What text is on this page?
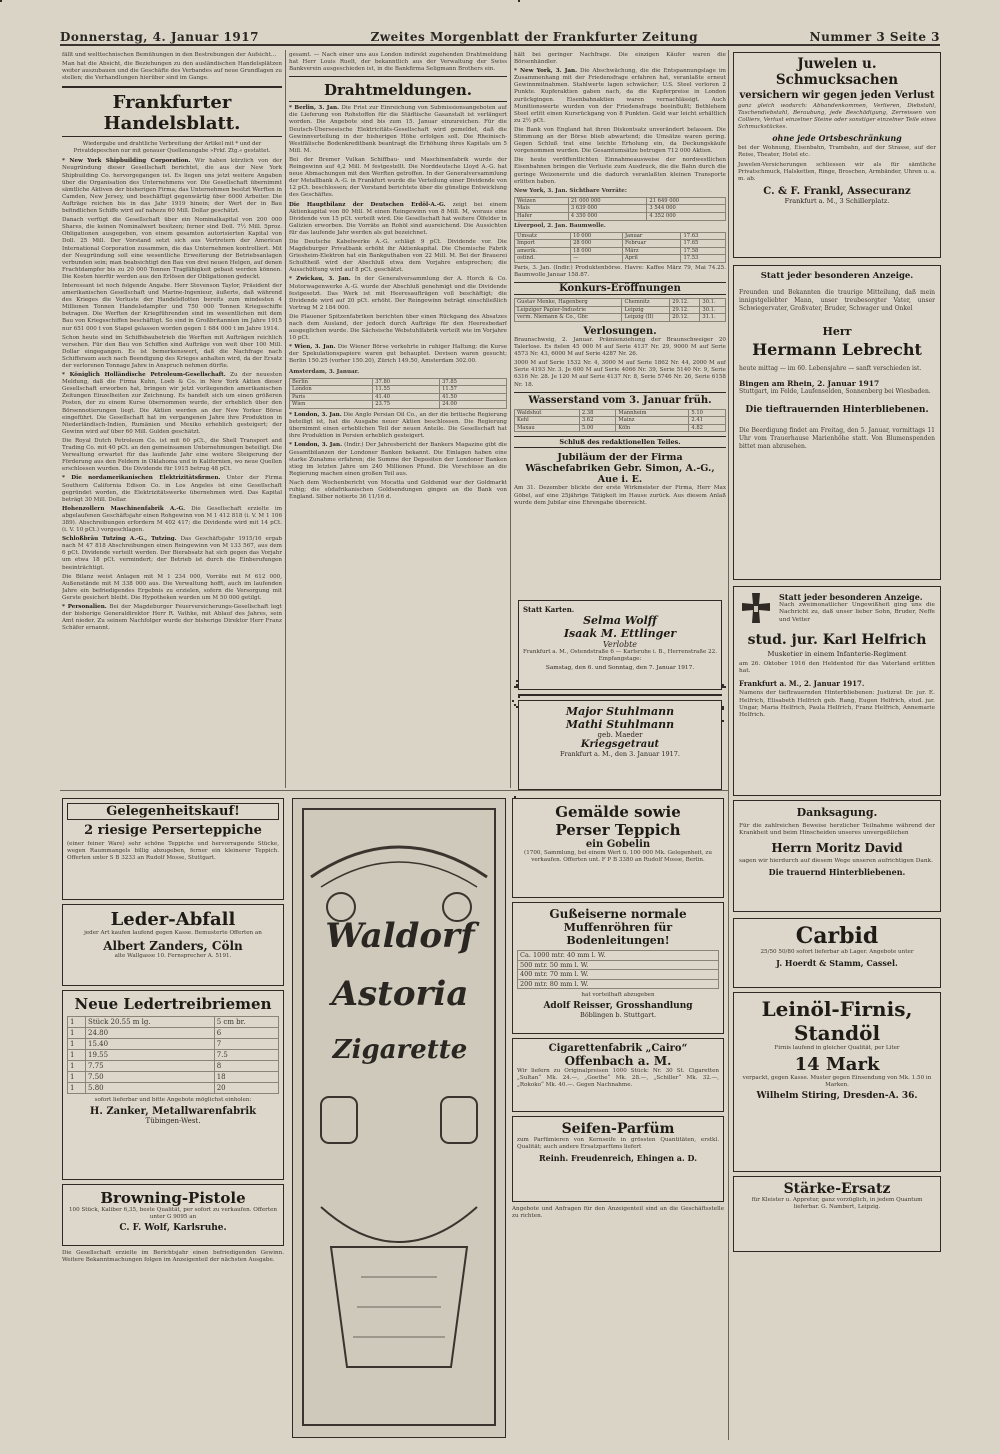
Donnerstag, 4. Januar 1917	Zweites Morgenblatt der Frankfurter Zeitung	Nummer 3 Seite 3

fällt und welttechnischen Bemühungen in den Bestrebungen der Aufsicht...

Man hat die Absicht, die Beziehungen zu den ausländischen Handelsplätzen weiter auszubauen und die Geschäfte des Verbandes auf neue Grundlagen zu stellen; die Verhandlungen hierüber sind im Gange.

Frankfurter Handelsblatt.
Wiedergabe und drahtliche Verbreitung der Artikel mit * und der Privatdepeschen nur mit genauer Quellenangabe »Frkf. Ztg.« gestattet.

* New York Shipbuilding Corporation. Wir haben kürzlich von der Neugründung dieser Gesellschaft berichtet, die aus der New York Shipbuilding Co. hervorgegangen ist. Es liegen uns jetzt weitere Angaben über die Organisation des Unternehmens vor. Die Gesellschaft übernimmt sämtliche Aktiven der bisherigen Firma; das Unternehmen besitzt Werften in Camden, New Jersey, und beschäftigt gegenwärtig über 6000 Arbeiter. Die Aufträge reichen bis in das Jahr 1919 hinein; der Wert der in Bau befindlichen Schiffe wird auf nahezu 60 Mill. Dollar geschätzt.

Danach verfügt die Gesellschaft über ein Nominalkapital von 200 000 Shares, die keinen Nominalwert besitzen; ferner sind Doll. 7½ Mill. 5proz. Obligationen ausgegeben, von einem gesamten autorisierten Kapital von Doll. 25 Mill. Der Vorstand setzt sich aus Vertretern der American International Corporation zusammen, die das Unternehmen kontrolliert. Mit der Neugründung soll eine wesentliche Erweiterung der Betriebsanlagen verbunden sein; man beabsichtigt den Bau von drei neuen Helgen, auf denen Frachtdampfer bis zu 20 000 Tonnen Tragfähigkeit gebaut werden können. Die Kosten hierfür werden aus den Erlösen der Obligationen gedeckt.

Interessant ist noch folgende Angabe. Herr Stevenson Taylor, Präsident der amerikanischen Gesellschaft und Marine-Ingenieur, äußerte, daß während des Krieges die Verluste der Handelsflotten bereits zum mindesten 4 Millionen Tonnen Handelsdampfer und 750 000 Tonnen Kriegsschiffe betragen. Die Werften der Kriegführenden sind im wesentlichen mit dem Bau von Kriegsschiffen beschäftigt. So sind in Großbritannien im Jahre 1915 nur 651 000 t von Stapel gelassen worden gegen 1 684 000 t im Jahre 1914.

Schon heute sind im Schiffsbaubetrieb die Werften mit Aufträgen reichlich versehen. Für den Bau von Schiffen sind Aufträge von weit über 100 Mill. Dollar eingegangen. Es ist bemerkenswert, daß die Nachfrage nach Schiffsraum auch nach Beendigung des Krieges anhalten wird, da der Ersatz der verlorenen Tonnage Jahre in Anspruch nehmen dürfte.

* Königlich Holländische Petroleum-Gesellschaft. Zu der neuesten Meldung, daß die Firma Kuhn, Loeb & Co. in New York Aktien dieser Gesellschaft erworben hat, bringen wir jetzt vorliegenden amerikanischen Zeitungen Einzelheiten zur Zeichnung. Es handelt sich um einen größeren Posten, der zu einem Kurse übernommen wurde, der erheblich über den Börsennotierungen liegt. Die Aktien werden an der New Yorker Börse eingeführt. Die Gesellschaft hat im vergangenen Jahre ihre Produktion in Niederländisch-Indien, Rumänien und Mexiko erheblich gesteigert; der Gewinn wird auf über 60 Mill. Gulden geschätzt.

Die Royal Dutch Petroleum Co. ist mit 60 pCt., die Shell Transport and Trading Co. mit 40 pCt. an den gemeinsamen Unternehmungen beteiligt. Die Verwaltung erwartet für das laufende Jahr eine weitere Steigerung der Förderung aus den Feldern in Oklahoma und in Kalifornien, wo neue Quellen erschlossen wurden. Die Dividende für 1915 betrug 48 pCt.

* Die nordamerikanischen Elektrizitätsfirmen. Unter der Firma Southern California Edison Co. in Los Angeles ist eine Gesellschaft gegründet worden, die Elektrizitätswerke übernehmen wird. Das Kapital beträgt 30 Mill. Dollar.

Hohenzollern Maschinenfabrik A.-G. Die Gesellschaft erzielte im abgelaufenen Geschäftsjahr einen Rohgewinn von M 1 412 818 (i. V. M 1 106 389). Abschreibungen erfordern M 402 417; die Dividende wird mit 14 pCt. (i. V. 10 pCt.) vorgeschlagen.

Schloßbräu Tutzing A.-G., Tutzing. Das Geschäftsjahr 1915/16 ergab nach M 47 818 Abschreibungen einen Reingewinn von M 133 567, aus dem 6 pCt. Dividende verteilt werden. Der Bierabsatz hat sich gegen das Vorjahr um etwa 18 pCt. vermindert; der Betrieb ist durch die Einberufungen beeinträchtigt.

Die Bilanz weist Anlagen mit M 1 234 000, Vorräte mit M 612 000, Außenstände mit M 338 000 aus. Die Verwaltung hofft, auch im laufenden Jahre ein befriedigendes Ergebnis zu erzielen, sofern die Versorgung mit Gerste gesichert bleibt. Die Hypotheken wurden um M 50 000 getilgt.

* Personalien. Bei der Magdeburger Feuerversicherungs-Gesellschaft legt der bisherige Generaldirektor Herr R. Vathke, mit Ablauf des Jahres, sein Amt nieder. Zu seinem Nachfolger wurde der bisherige Direktor Herr Franz Schäfer ernannt.

gesamt. — Nach einer uns aus London indirekt zugehenden Drahtmeldung hat Herr Louis Ruelt, der bekanntlich aus der Verwaltung der Swiss Bankverein ausgeschieden ist, in die Bankfirma Seligmann Brothers ein.

Drahtmeldungen.

* Berlin, 3. Jan. Die Frist zur Einreichung von Submissionsangeboten auf die Lieferung von Rohstoffen für die Städtische Gasanstalt ist verlängert worden. Die Angebote sind bis zum 15. Januar einzureichen. Für die Deutsch-Überseeische Elektricitäts-Gesellschaft wird gemeldet, daß die Gewinnverteilung in der bisherigen Höhe erfolgen soll. Die Rheinisch-Westfälische Bodenkreditbank beantragt die Erhöhung ihres Kapitals um 5 Mill. M.

Bei der Bremer Vulkan Schiffbau- und Maschinenfabrik wurde der Reingewinn auf 4,2 Mill. M festgestellt. Die Norddeutsche Lloyd A.-G. hat neue Abmachungen mit den Werften getroffen. In der Generalversammlung der Metallbank A.-G. in Frankfurt wurde die Verteilung einer Dividende von 12 pCt. beschlossen; der Vorstand berichtete über die günstige Entwicklung des Geschäftes.

Die Hauptbilanz der Deutschen Erdöl-A.-G. zeigt bei einem Aktienkapital von 80 Mill. M einen Reingewinn von 8 Mill. M, woraus eine Dividende von 15 pCt. verteilt wird. Die Gesellschaft hat weitere Ölfelder in Galizien erworben. Die Vorräte an Rohöl sind ausreichend. Die Aussichten für das laufende Jahr werden als gut bezeichnet.

Die Deutsche Kabelwerke A.-G. schlägt 9 pCt. Dividende vor. Die Magdeburger Privatbank erhöht ihr Aktienkapital. Die Chemische Fabrik Griesheim-Elektron hat ein Bankguthaben von 22 Mill. M. Bei der Brauerei Schultheiß wird der Abschluß etwa dem Vorjahre entsprechen; die Ausschüttung wird auf 8 pCt. geschätzt.

* Zwickau, 3. Jan. In der Generalversammlung der A. Horch & Co. Motorwagenwerke A.-G. wurde der Abschluß genehmigt und die Dividende festgesetzt. Das Werk ist mit Heeresaufträgen voll beschäftigt; die Dividende wird auf 20 pCt. erhöht. Der Reingewinn beträgt einschließlich Vortrag M 2 184 000.

Die Plauener Spitzenfabriken berichten über einen Rückgang des Absatzes nach dem Ausland, der jedoch durch Aufträge für den Heeresbedarf ausgeglichen wurde. Die Sächsische Webstuhlfabrik verteilt wie im Vorjahre 10 pCt.

* Wien, 3. Jan. Die Wiener Börse verkehrte in ruhiger Haltung; die Kurse der Spekulationspapiere waren gut behauptet. Devisen waren gesucht; Berlin 150.25 (vorher 150.20), Zürich 149.50, Amsterdam 302.00.

Amsterdam, 3. Januar.
Berlin	37.80	37.85
London	11.55	11.57
Paris	41.40	41.50
Wien	23.75	24.00

* London, 3. Jan. Die Anglo Persian Oil Co., an der die britische Regierung beteiligt ist, hat die Ausgabe neuer Aktien beschlossen. Die Regierung übernimmt einen erheblichen Teil der neuen Anteile. Die Gesellschaft hat ihre Produktion in Persien erheblich gesteigert.

* London, 3. Jan. (Indir.) Der Jahresbericht der Bankers Magazine gibt die Gesamtbilanzen der Londoner Banken bekannt. Die Einlagen haben eine starke Zunahme erfahren; die Summe der Depositen der Londoner Banken stieg im letzten Jahre um 240 Millionen Pfund. Die Vorschüsse an die Regierung machen einen großen Teil aus.

Nach dem Wochenbericht von Mocatta und Goldsmid war der Goldmarkt ruhig; die südafrikanischen Goldsendungen gingen an die Bank von England. Silber notierte 36 11/16 d.

hält bei geringer Nachfrage. Die einzigen Käufer waren die Börsenhändler.

* New York, 3. Jan. Die Abschwächung, die die Entspannungslage im Zusammenhang mit der Friedensfrage erfahren hat, veranlaßte erneut Gewinnmitnahmen. Stahlwerte lagen schwächer; U.S. Steel verloren 2 Punkte. Kupferaktien gaben nach, da die Kupferpreise in London zurückgingen. Eisenbahnaktien waren vernachlässigt. Auch Munitionswerte wurden von der Friedensfrage beeinflußt; Bethlehem Steel erlitt einen Kursrückgang von 8 Punkten. Geld war leicht erhältlich zu 2½ pCt.

Die Bank von England hat ihren Diskontsatz unverändert belassen. Die Stimmung an der Börse blieb abwartend; die Umsätze waren gering. Gegen Schluß trat eine leichte Erholung ein, da Deckungskäufe vorgenommen wurden. Die Gesamtumsätze betrugen 712 000 Aktien.

Die heute veröffentlichten Einnahmeausweise der nordwestlichen Eisenbahnen bringen die Verluste zum Ausdruck, die die Bahn durch die geringe Weizenernte und die dadurch veranlaßten kleinen Transporte erlitten haben.

New York, 3. Jan. Sichtbare Vorräte:
Weizen	21 000 000	21 649 000
Mais	3 639 000	3 544 000
Hafer	4 350 000	4 352 000
Liverpool, 2. Jan. Baumwolle.
Umsatz	10 000	Januar	17.63
Import	28 000	Februar	17.65
amerik.	18 000	März	17.58
ostind.	—	April	17.53

Paris, 3. Jan. (Indir.) Produktenbörse. Havre: Kaffee März 79, Mai 74.25. Baumwolle Januar 158.87.

Konkurs-Eröffnungen
Gustav Menke, Hagenberg	Chemnitz	29.12.	30.1.
Leipziger Papier-Industrie	Leipzig	29.12.	30.1.
verm. Niemann & Co., Gbr.	Leipzig (II)	20.12.	31.1.
Verlosungen.

Braunschweig, 2. Januar. Prämienziehung der Braunschweiger 20 Talerlose. Es fielen 45 000 M auf Serie 4137 Nr. 29, 9000 M auf Serie 4573 Nr. 43, 6000 M auf Serie 4287 Nr. 26.

3000 M auf Serie 1532 Nr. 4, 3000 M auf Serie 1862 Nr. 44, 2000 M auf Serie 4193 Nr. 3. Je 600 M auf Serie 4066 Nr. 39, Serie 5140 Nr. 9, Serie 6316 Nr. 28. Je 120 M auf Serie 4137 Nr. 8, Serie 5746 Nr. 26, Serie 6158 Nr. 18.

Wasserstand vom 3. Januar früh.
Waldshut	2.38	Mannheim	5.10
Kehl	3.62	Mainz	2.41
Maxau	5.00	Köln	4.82
Schluß des redaktionellen Teiles.
Jubiläum der der Firma
Wäschefabriken Gebr. Simon, A.-G., Aue i. E.

Am 31. Dezember blickte der erste Wirkmeister der Firma, Herr Max Göbel, auf eine 25jährige Tätigkeit im Hause zurück. Aus diesem Anlaß wurde dem Jubilar eine Ehrengabe überreicht.

Juwelen u. Schmucksachen
versichern wir gegen jeden Verlust

ganz gleich wodurch: Abhandenkommen, Verlieren, Diebstahl, Taschendiebstahl, Beraubung, jede Beschädigung, Zerreissen von Colliers, Verlust einzelner Steine oder sonstiger einzelner Teile eines Schmuckstückes.

ohne jede Ortsbeschränkung

bei der Wohnung, Eisenbahn, Trambahn, auf der Strasse, auf der Reise, Theater, Hotel etc.

Juwelen-Versicherungen schliessen wir als für sämtliche Privatschmuck, Halsketten, Ringe, Broschen, Armbänder, Uhren u. a. m. ab.

C. & F. Frankl, Assecuranz
Frankfurt a. M., 3 Schillerplatz.
Statt jeder besonderen Anzeige.

Freunden und Bekannten die traurige Mitteilung, daß mein innigstgeliebter Mann, unser treubesorgter Vater, unser Schwiegervater, Großvater, Bruder, Schwager und Onkel

Herr
Hermann Lebrecht

heute mittag — im 60. Lebensjahre — sanft verschieden ist.

Bingen am Rhein, 2. Januar 1917

Stuttgart, im Felde, Laufenselden, Sonnenberg bei Wiesbaden.

Die tieftrauernden Hinterbliebenen.

Die Beerdigung findet am Freitag, den 5. Januar, vormittags 11 Uhr vom Trauerhause Marienhöhe statt. Von Blumenspenden bittet man abzusehen.

Statt jeder besonderen Anzeige.

Nach zweimonatlicher Ungewißheit ging uns die Nachricht zu, daß unser lieber Sohn, Bruder, Neffe und Vetter

stud. jur. Karl Helfrich
Musketier in einem Infanterie-Regiment

am 26. Oktober 1916 den Heldentod für das Vaterland erlitten hat.

Frankfurt a. M., 2. Januar 1917.

Namens der tieftrauernden Hinterbliebenen: Justizrat Dr. jur. E. Helfrich, Elisabeth Helfrich geb. Rang, Eugen Helfrich, stud. jur. Ungar, Maria Helfrich, Paula Helfrich, Franz Helfrich, Annemarie Helfrich.

Danksagung.

Für die zahlreichen Beweise herzlicher Teilnahme während der Krankheit und beim Hinscheiden unseres unvergeßlichen

Herrn Moritz David

sagen wir hierdurch auf diesem Wege unseren aufrichtigen Dank.

Die trauernd Hinterbliebenen.
Gelegenheitskauf!
2 riesige Perserteppiche

(einer feiner Ware) sehr schöne Teppiche und hervorragende Stücke, wegen Raummangels billig abzugeben, ferner ein kleinerer Teppich. Offerten unter S B 3233 an Rudolf Mosse, Stuttgart.

Leder-Abfall

jeder Art kaufen laufend gegen Kasse. Bemusterte Offerten an

Albert Zanders, Cöln

alte Wallgasse 10. Fernsprecher A. 5191.

Neue Ledertreibriemen
1	Stück 20.55 m lg.	5 cm br.
1	24.80	6
1	15.40	7
1	19.55	7.5
1	7.75	8
1	7.50	18
1	5.80	20

sofort lieferbar und bitte Angebote möglichst einholen:

H. Zanker, Metallwarenfabrik
Tübingen-West.
Browning-Pistole

100 Stück, Kaliber 6,35, beste Qualität, per sofort zu verkaufen. Offerten unter G 9095 an

C. F. Wolf, Karlsruhe.

Die Gesellschaft erzielte im Berichtsjahr einen befriedigenden Gewinn. Weitere Bekanntmachungen folgen im Anzeigenteil der nächsten Ausgabe.

Waldorf
Astoria
Zigarette
Gemälde sowie
Perser Teppich
ein Gobelin

(1700, Sammlung, bei einem Wert ü. 100 000 Mk. Gelegenheit, zu verkaufen. Offerten unt. F P B 3380 an Rudolf Mosse, Berlin.

Gußeiserne normale
Muffenröhren für Bodenleitungen!
Ca. 1000 mtr. 40 mm l. W.
500 mtr. 50 mm l. W.
400 mtr. 70 mm l. W.
200 mtr. 80 mm l. W.

hat vorteilhaft abzugeben

Adolf Reisser, Grosshandlung
Böblingen b. Stuttgart.
Cigarettenfabrik „Cairo“
Offenbach a. M.

Wir liefern zu Originalpreisen 1000 Stück: Nr. 30 St. Cigaretten „Sultan“ Mk. 24.—, „Goethe“ Mk. 28.—, „Schiller“ Mk. 32.—, „Rokoko“ Mk. 40.—. Gegen Nachnahme.

Seifen-Parfüm

zum Parfümieren von Kernseife in grössten Quantitäten, erstkl. Qualität; auch andere Ersatzparfüms liefert

Reinh. Freudenreich, Ehingen a. D.

Angebote und Anfragen für den Anzeigenteil sind an die Geschäftsstelle zu richten.

Carbid

25/50 50/80 sofort lieferbar ab Lager. Angebote unter

J. Hoerdt & Stamm, Cassel.
Leinöl-Firnis, Standöl

Firnis laufend in gleicher Qualität, per Liter

14 Mark

verpackt, gegen Kasse. Muster gegen Einsendung von Mk. 1.50 in Marken.

Wilhelm Stiring, Dresden-A. 36.
Stärke-Ersatz

für Kleister u. Appretur, ganz vorzüglich, in jedem Quantum lieferbar. G. Nambert, Leipzig.

Major Stuhlmann
Mathi Stuhlmann
geb. Maeder
Kriegsgetraut
Frankfurt a. M., den 3. Januar 1917.
Statt Karten.
Selma Wolff
Isaak M. Ettlinger
Verlobte

Frankfurt a. M., Ostendstraße 6 — Karlsruhe i. B., Herrenstraße 22. Empfangstage:

Samstag, den 6. und Sonntag, den 7. Januar 1917.
